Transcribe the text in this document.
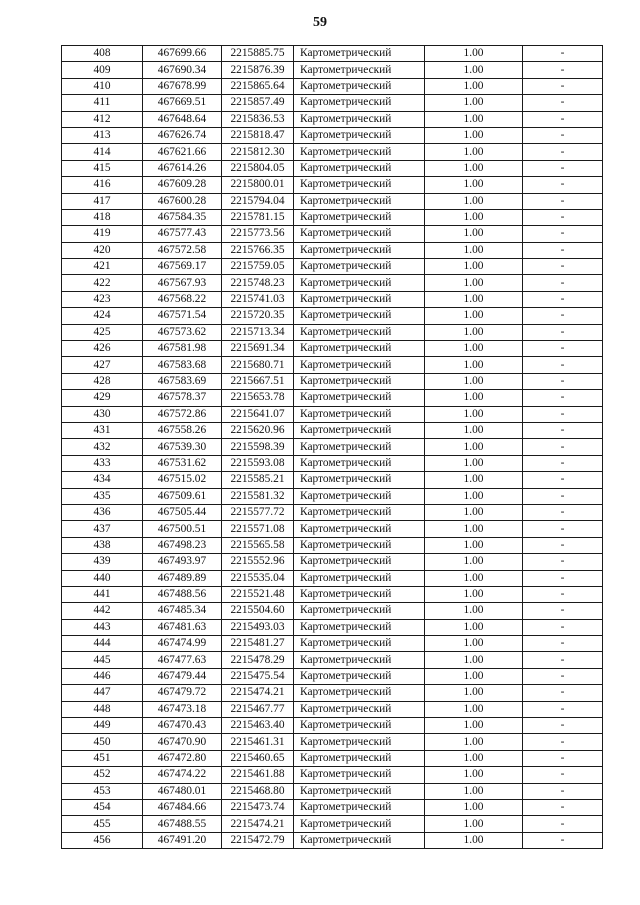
59
408	467699.66	2215885.75	Картометрический	1.00	-
409	467690.34	2215876.39	Картометрический	1.00	-
410	467678.99	2215865.64	Картометрический	1.00	-
411	467669.51	2215857.49	Картометрический	1.00	-
412	467648.64	2215836.53	Картометрический	1.00	-
413	467626.74	2215818.47	Картометрический	1.00	-
414	467621.66	2215812.30	Картометрический	1.00	-
415	467614.26	2215804.05	Картометрический	1.00	-
416	467609.28	2215800.01	Картометрический	1.00	-
417	467600.28	2215794.04	Картометрический	1.00	-
418	467584.35	2215781.15	Картометрический	1.00	-
419	467577.43	2215773.56	Картометрический	1.00	-
420	467572.58	2215766.35	Картометрический	1.00	-
421	467569.17	2215759.05	Картометрический	1.00	-
422	467567.93	2215748.23	Картометрический	1.00	-
423	467568.22	2215741.03	Картометрический	1.00	-
424	467571.54	2215720.35	Картометрический	1.00	-
425	467573.62	2215713.34	Картометрический	1.00	-
426	467581.98	2215691.34	Картометрический	1.00	-
427	467583.68	2215680.71	Картометрический	1.00	-
428	467583.69	2215667.51	Картометрический	1.00	-
429	467578.37	2215653.78	Картометрический	1.00	-
430	467572.86	2215641.07	Картометрический	1.00	-
431	467558.26	2215620.96	Картометрический	1.00	-
432	467539.30	2215598.39	Картометрический	1.00	-
433	467531.62	2215593.08	Картометрический	1.00	-
434	467515.02	2215585.21	Картометрический	1.00	-
435	467509.61	2215581.32	Картометрический	1.00	-
436	467505.44	2215577.72	Картометрический	1.00	-
437	467500.51	2215571.08	Картометрический	1.00	-
438	467498.23	2215565.58	Картометрический	1.00	-
439	467493.97	2215552.96	Картометрический	1.00	-
440	467489.89	2215535.04	Картометрический	1.00	-
441	467488.56	2215521.48	Картометрический	1.00	-
442	467485.34	2215504.60	Картометрический	1.00	-
443	467481.63	2215493.03	Картометрический	1.00	-
444	467474.99	2215481.27	Картометрический	1.00	-
445	467477.63	2215478.29	Картометрический	1.00	-
446	467479.44	2215475.54	Картометрический	1.00	-
447	467479.72	2215474.21	Картометрический	1.00	-
448	467473.18	2215467.77	Картометрический	1.00	-
449	467470.43	2215463.40	Картометрический	1.00	-
450	467470.90	2215461.31	Картометрический	1.00	-
451	467472.80	2215460.65	Картометрический	1.00	-
452	467474.22	2215461.88	Картометрический	1.00	-
453	467480.01	2215468.80	Картометрический	1.00	-
454	467484.66	2215473.74	Картометрический	1.00	-
455	467488.55	2215474.21	Картометрический	1.00	-
456	467491.20	2215472.79	Картометрический	1.00	-
